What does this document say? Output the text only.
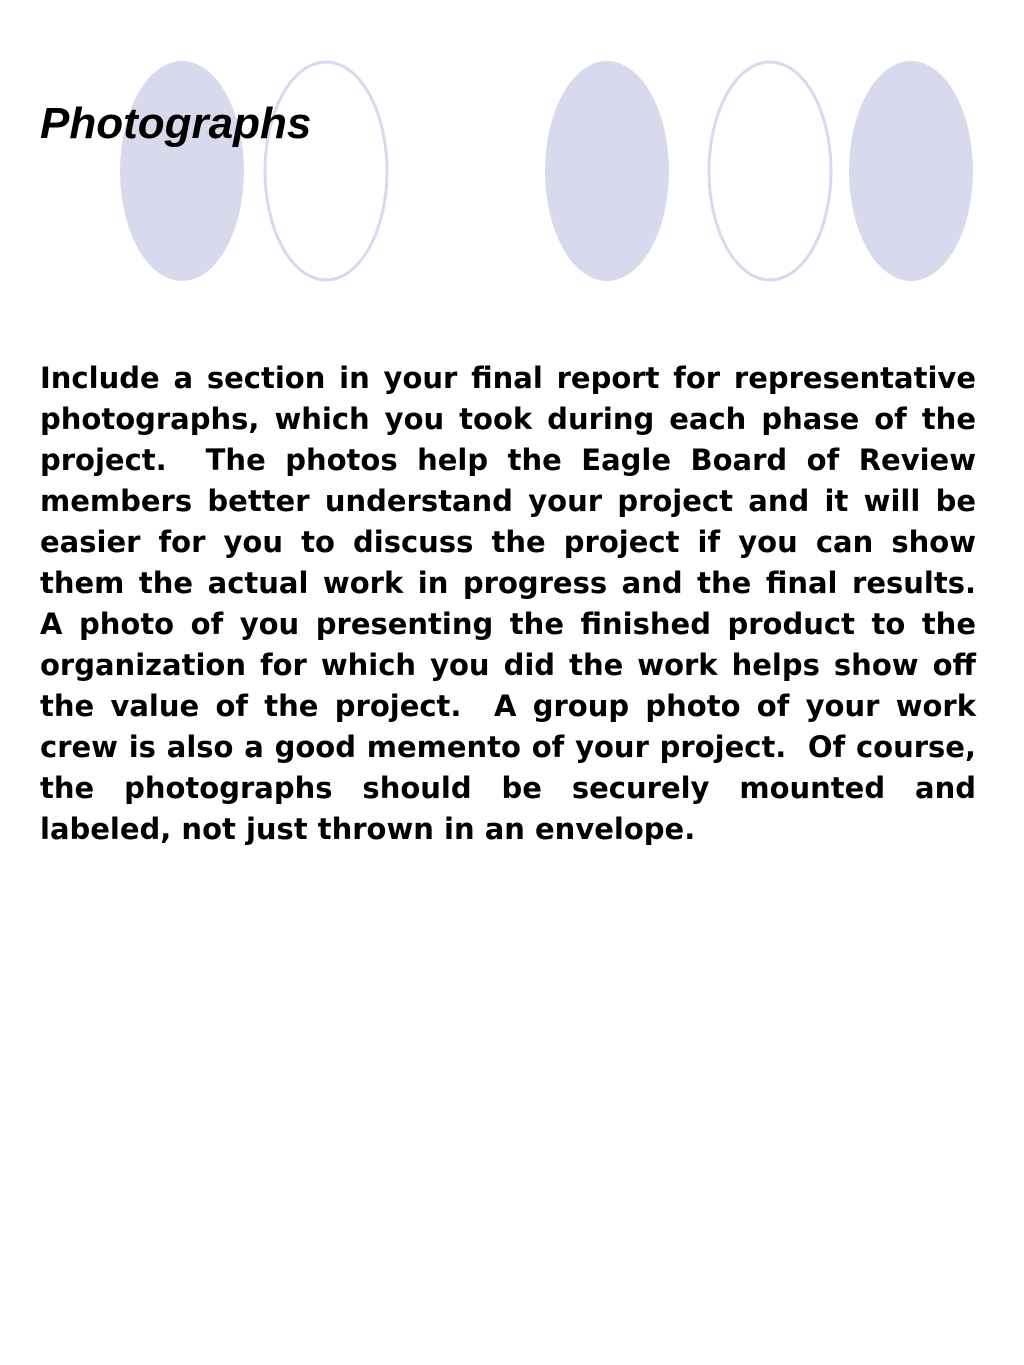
Photographs

Include a section in your final report for representative photographs, which you took during each phase of the project.  The photos help the Eagle Board of Review members better understand your project and it will be easier for you to discuss the project if you can show them the actual work in progress and the final results.  A photo of you presenting the finished product to the organization for which you did the work helps show off the value of the project.  A group photo of your work crew is also a good memento of your project.  Of course, the photographs should be securely mounted and labeled, not just thrown in an envelope.
